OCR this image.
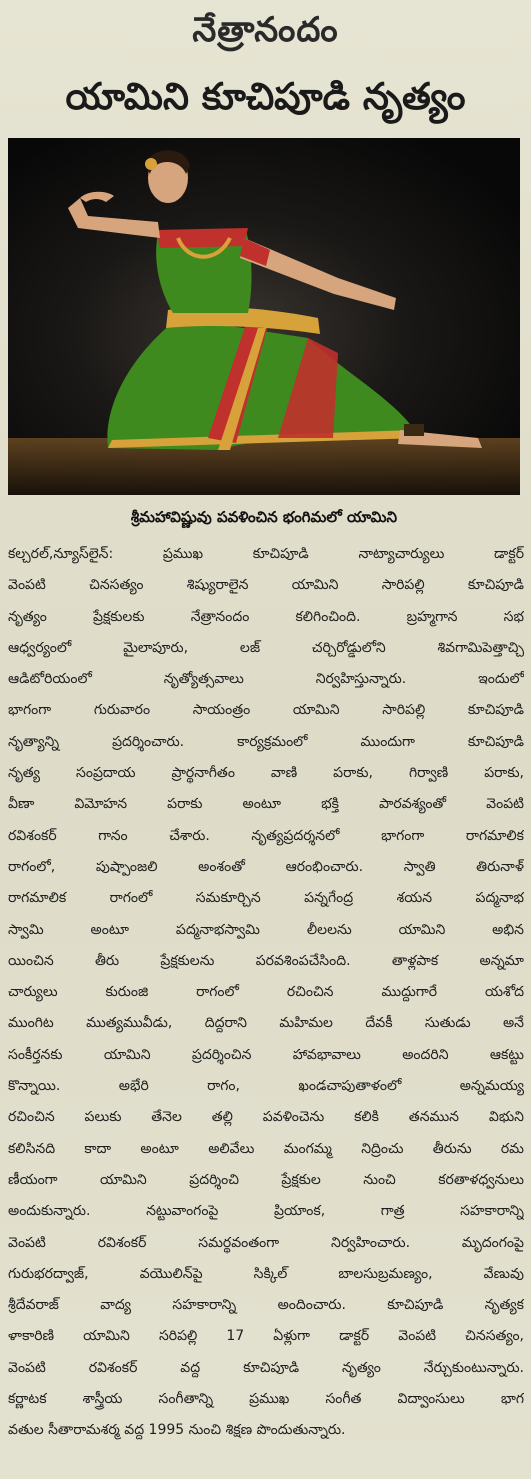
నేత్రానందం
యామిని కూచిపూడి నృత్యం
శ్రీమహావిష్ణువు పవళించిన భంగిమలో యామిని
కల్చరల్,న్యూస్‌లైన్: ప్రముఖ కూచిపూడి నాట్యాచార్యులు డాక్టర్
వెంపటి చినసత్యం శిష్యురాలైన యామిని సారిపల్లి కూచిపూడి
నృత్యం ప్రేక్షకులకు నేత్రానందం కలిగించింది. బ్రహ్మగాన సభ
ఆధ్వర్యంలో మైలాపూరు, లజ్ చర్చిరోడ్డులోని శివగామిపెత్తాచ్చి
ఆడిటోరియంలో నృత్యోత్సవాలు నిర్వహిస్తున్నారు. ఇందులో
భాగంగా గురువారం సాయంత్రం యామిని సారిపల్లి కూచిపూడి
నృత్యాన్ని ప్రదర్శించారు. కార్యక్రమంలో ముందుగా కూచిపూడి
నృత్య సంప్రదాయ ప్రార్థనాగీతం వాణి పరాకు, గిర్వాణి పరాకు,
వీణా విమోహన పరాకు అంటూ భక్తి పారవశ్యంతో వెంపటి
రవిశంకర్ గానం చేశారు. నృత్యప్రదర్శనలో భాగంగా రాగమాలిక
రాగంలో, పుష్పాంజలి అంశంతో ఆరంభించారు. స్వాతి తిరునాళ్
రాగమాలిక రాగంలో సమకూర్చిన పన్నగేంద్ర శయన పద్మనాభ
స్వామి అంటూ పద్మనాభస్వామి లీలలను యామిని అభిన
యించిన తీరు ప్రేక్షకులను పరవశింపచేసింది. తాళ్లపాక అన్నమా
చార్యులు కురుంజి రాగంలో రచించిన ముద్దుగారే యశోద
ముంగిట ముత్యమువీడు, దిద్దరాని మహిమల దేవకీ సుతుడు అనే
సంకీర్తనకు యామిని ప్రదర్శించిన హావభావాలు అందరిని ఆకట్టు
కొన్నాయి. అభేరి రాగం, ఖండచాపుతాళంలో అన్నమయ్య
రచించిన పలుకు తేనెల తల్లి పవళించెను కలికి తనమున విభుని
కలిసినది కాదా అంటూ అలివేలు మంగమ్మ నిద్రించు తీరును రమ
ణీయంగా యామిని ప్రదర్శించి ప్రేక్షకుల నుంచి కరతాళధ్వనులు
అందుకున్నారు. నట్టువాంగంపై ప్రియాంక, గాత్ర సహకారాన్ని
వెంపటి రవిశంకర్ సమర్థవంతంగా నిర్వహించారు. మృదంగంపై
గురుభరద్వాజ్, వయొలిన్‌పై సిక్కిల్ బాలసుబ్రమణ్యం, వేణువు
శ్రీదేవరాజ్ వాద్య సహకారాన్ని అందించారు. కూచిపూడి నృత్యక
ళాకారిణి యామిని సరిపల్లి 17 ఏళ్లుగా డాక్టర్ వెంపటి చినసత్యం,
వెంపటి రవిశంకర్ వద్ద కూచిపూడి నృత్యం నేర్చుకుంటున్నారు.
కర్ణాటక శాస్త్రీయ సంగీతాన్ని ప్రముఖ సంగీత విద్వాంసులు భాగ
వతుల సీతారామశర్మ వద్ద 1995 నుంచి శిక్షణ పొందుతున్నారు.
